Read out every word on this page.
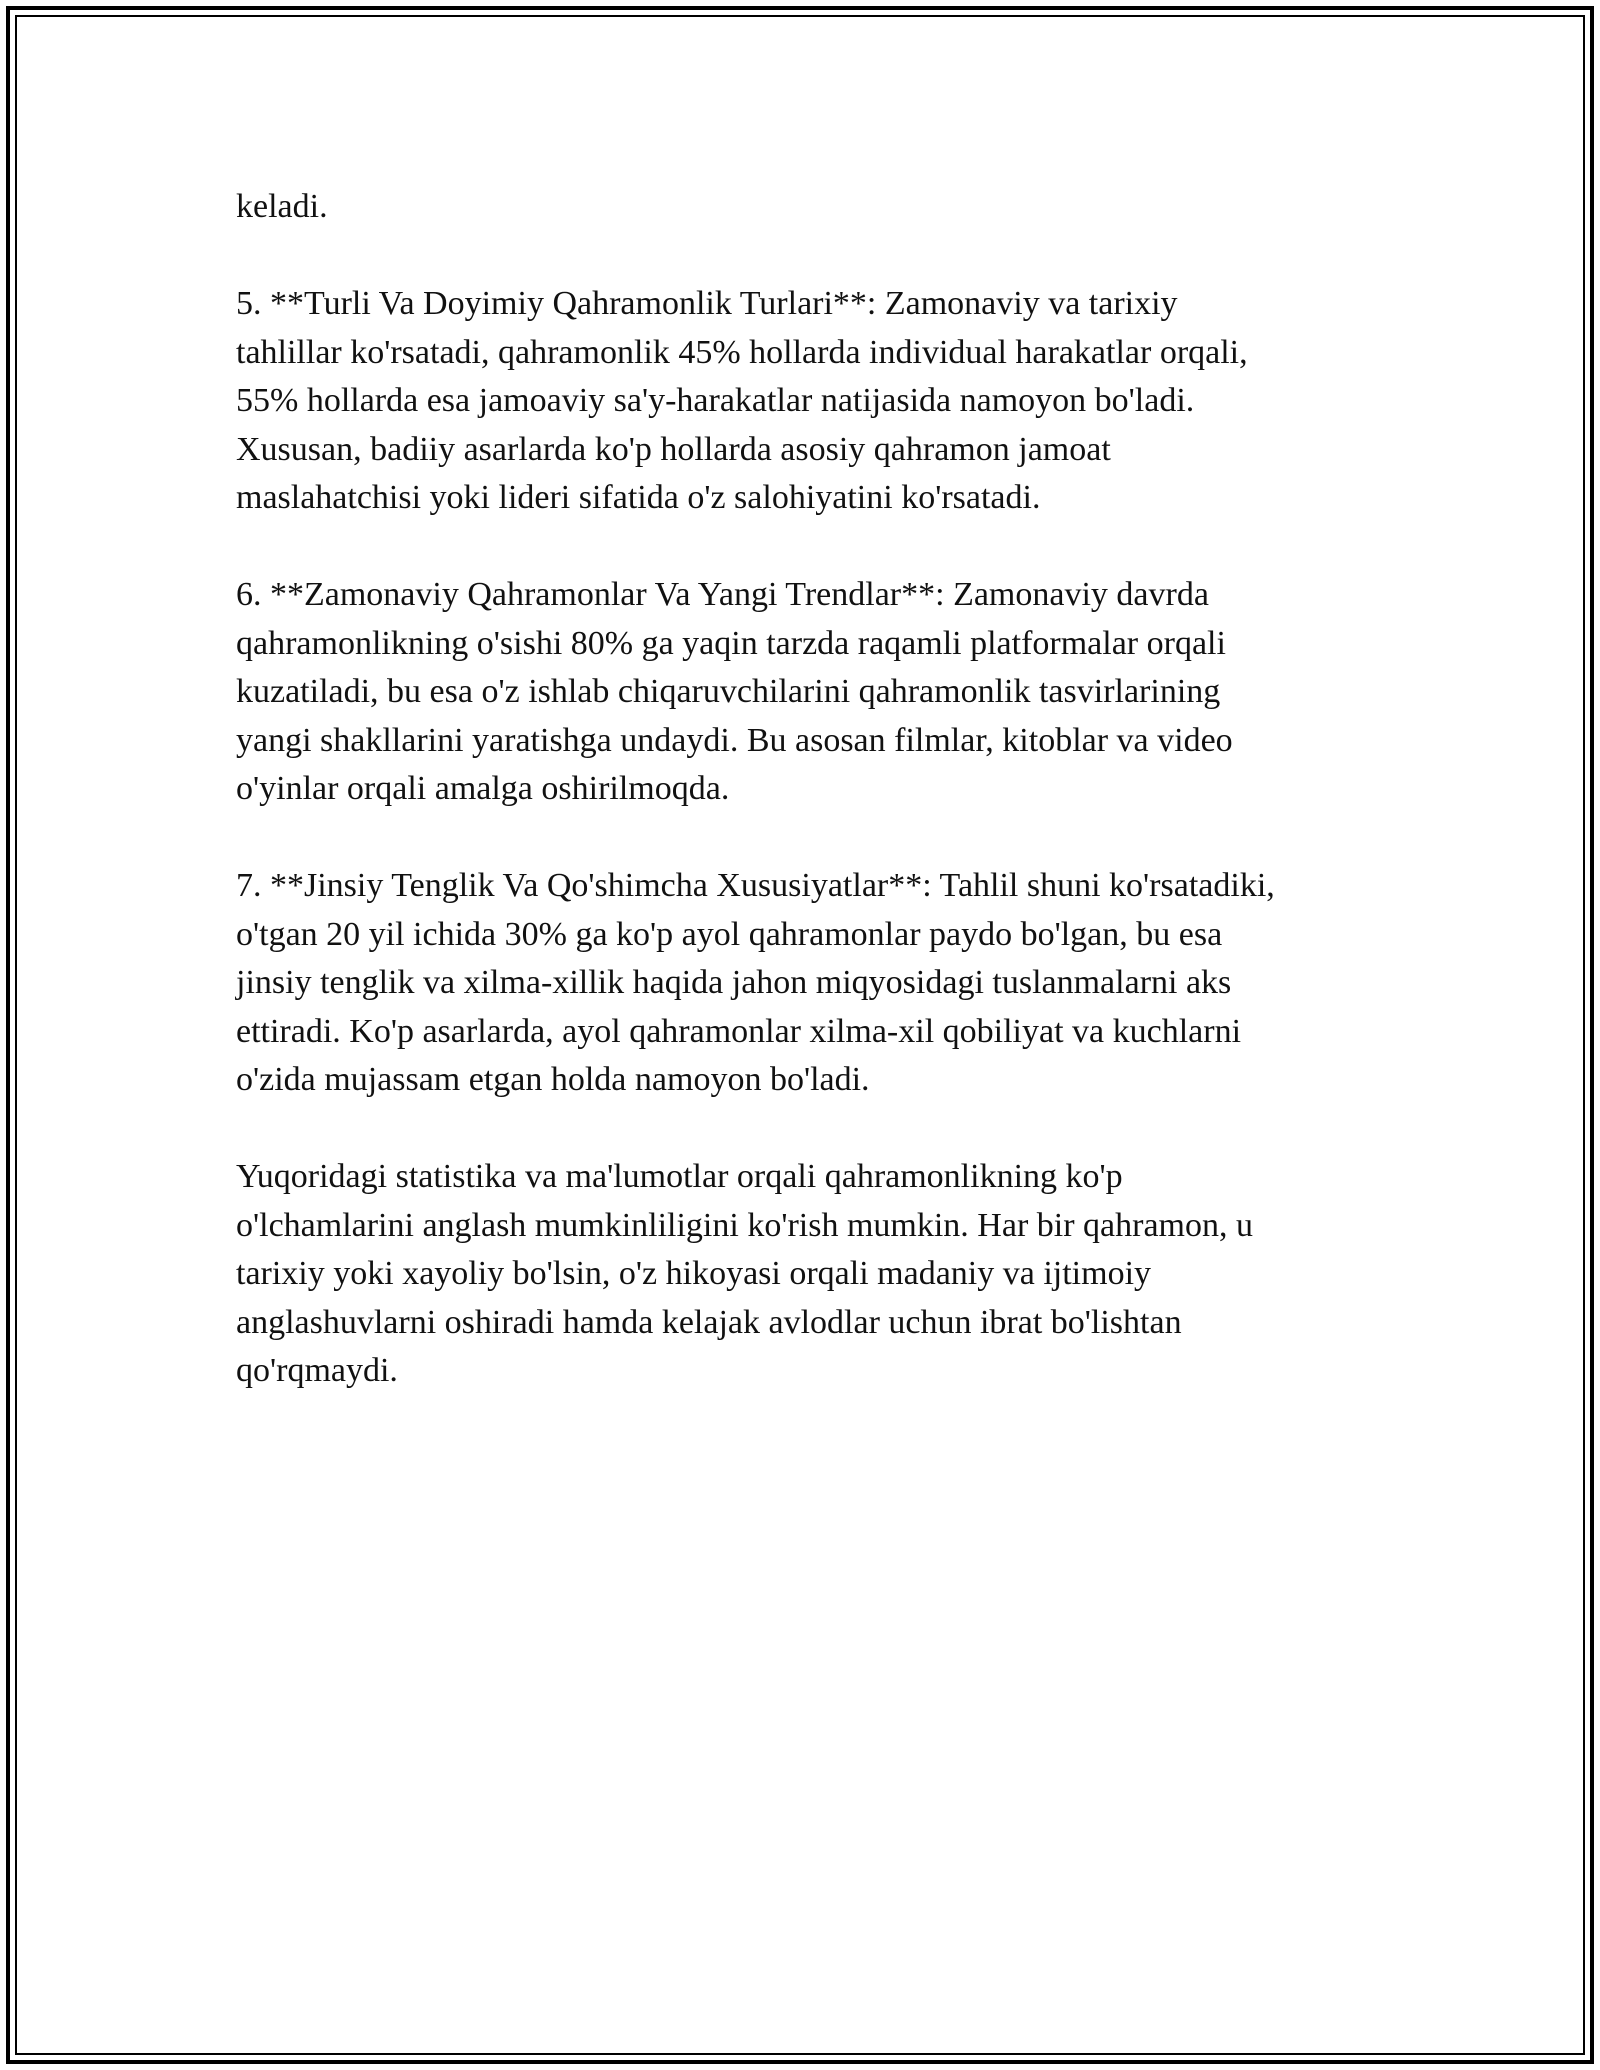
keladi.

5. **Turli Va Doyimiy Qahramonlik Turlari**: Zamonaviy va tarixiy
tahlillar ko'rsatadi, qahramonlik 45% hollarda individual harakatlar orqali,
55% hollarda esa jamoaviy sa'y-harakatlar natijasida namoyon bo'ladi.
Xususan, badiiy asarlarda ko'p hollarda asosiy qahramon jamoat
maslahatchisi yoki lideri sifatida o'z salohiyatini ko'rsatadi.

6. **Zamonaviy Qahramonlar Va Yangi Trendlar**: Zamonaviy davrda
qahramonlikning o'sishi 80% ga yaqin tarzda raqamli platformalar orqali
kuzatiladi, bu esa o'z ishlab chiqaruvchilarini qahramonlik tasvirlarining
yangi shakllarini yaratishga undaydi. Bu asosan filmlar, kitoblar va video
o'yinlar orqali amalga oshirilmoqda.

7. **Jinsiy Tenglik Va Qo'shimcha Xususiyatlar**: Tahlil shuni ko'rsatadiki,
o'tgan 20 yil ichida 30% ga ko'p ayol qahramonlar paydo bo'lgan, bu esa
jinsiy tenglik va xilma-xillik haqida jahon miqyosidagi tuslanmalarni aks
ettiradi. Ko'p asarlarda, ayol qahramonlar xilma-xil qobiliyat va kuchlarni
o'zida mujassam etgan holda namoyon bo'ladi.

Yuqoridagi statistika va ma'lumotlar orqali qahramonlikning ko'p
o'lchamlarini anglash mumkinliligini ko'rish mumkin. Har bir qahramon, u
tarixiy yoki xayoliy bo'lsin, o'z hikoyasi orqali madaniy va ijtimoiy
anglashuvlarni oshiradi hamda kelajak avlodlar uchun ibrat bo'lishtan
qo'rqmaydi.
